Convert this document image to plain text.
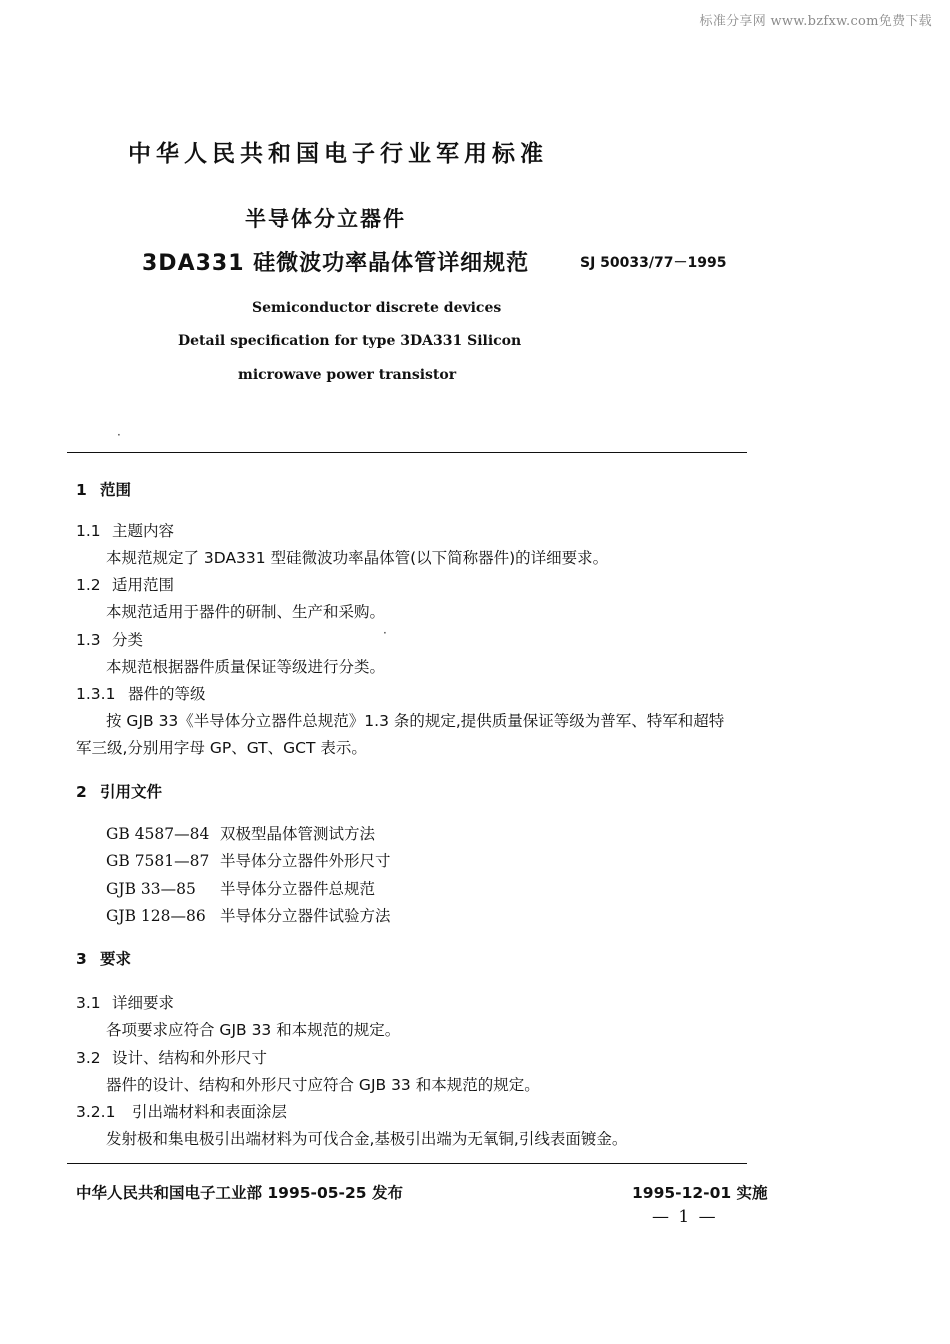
标准分享网 www.bzfxw.com免费下载
中华人民共和国电子行业军用标准
半导体分立器件
3DA331 硅微波功率晶体管详细规范	SJ 50033/77－1995
Semiconductor discrete devices
Detail specification for type 3DA331 Silicon
microwave power transistor
·
1 范围
1.1 主题内容
本规范规定了 3DA331 型硅微波功率晶体管(以下简称器件)的详细要求。
1.2 适用范围
本规范适用于器件的研制、生产和采购。
1.3 分类	·
本规范根据器件质量保证等级进行分类。
1.3.1 器件的等级
按 GJB 33《半导体分立器件总规范》1.3 条的规定,提供质量保证等级为普军、特军和超特
军三级,分别用字母 GP、GT、GCT 表示。
2 引用文件
GB 4587—84 双极型晶体管测试方法
GB 7581—87 半导体分立器件外形尺寸
GJB 33—85 半导体分立器件总规范
GJB 128—86 半导体分立器件试验方法
3 要求
3.1 详细要求
各项要求应符合 GJB 33 和本规范的规定。
3.2 设计、结构和外形尺寸
器件的设计、结构和外形尺寸应符合 GJB 33 和本规范的规定。
3.2.1 引出端材料和表面涂层
发射极和集电极引出端材料为可伐合金,基极引出端为无氧铜,引线表面镀金。
中华人民共和国电子工业部 1995-05-25 发布	1995-12-01 实施
— 1 —
